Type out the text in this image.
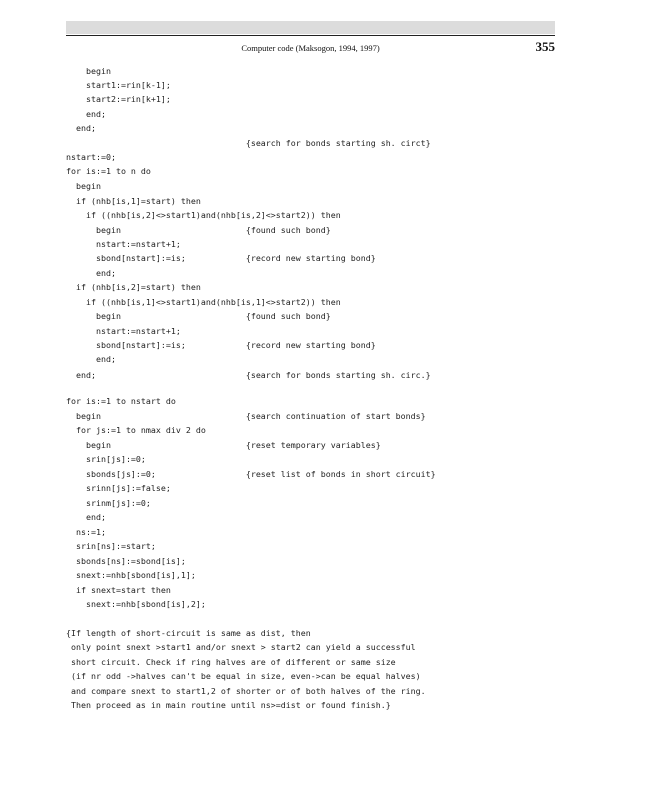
Computer code (Maksogon, 1994, 1997)	355
begin
start1:=rin[k-1];
start2:=rin[k+1];
end;
end;
{search for bonds starting sh. circt}
nstart:=0;
for is:=1 to n do
begin
if (nhb[is,1]=start) then
if ((nhb[is,2]<>start1)and(nhb[is,2]<>start2)) then
begin                         {found such bond}
nstart:=nstart+1;
sbond[nstart]:=is;            {record new starting bond}
end;
if (nhb[is,2]=start) then
if ((nhb[is,1]<>start1)and(nhb[is,1]<>start2)) then
begin                         {found such bond}
nstart:=nstart+1;
sbond[nstart]:=is;            {record new starting bond}
end;
end;                              {search for bonds starting sh. circ.}
for is:=1 to nstart do
begin                             {search continuation of start bonds}
for js:=1 to nmax div 2 do
begin                           {reset temporary variables}
srin[js]:=0;
sbonds[js]:=0;                  {reset list of bonds in short circuit}
srinn[js]:=false;
srinm[js]:=0;
end;
ns:=1;
srin[ns]:=start;
sbonds[ns]:=sbond[is];
snext:=nhb[sbond[is],1];
if snext=start then
snext:=nhb[sbond[is],2];
{If length of short-circuit is same as dist, then
only point snext >start1 and/or snext > start2 can yield a successful
short circuit. Check if ring halves are of different or same size
(if nr odd ->halves can't be equal in size, even->can be equal halves)
and compare snext to start1,2 of shorter or of both halves of the ring.
Then proceed as in main routine until ns>=dist or found finish.}
